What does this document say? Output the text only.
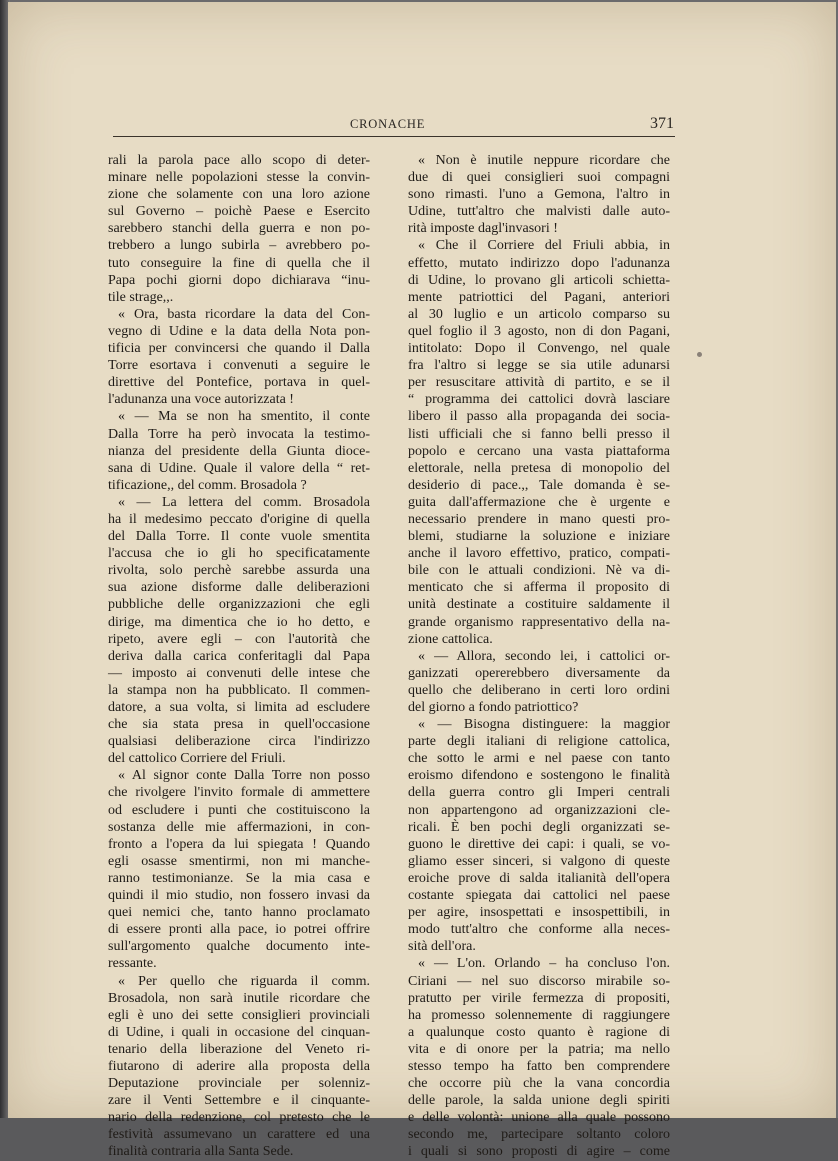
CRONACHE	371
rali la parola pace allo scopo di deter-
minare nelle popolazioni stesse la convin-
zione che solamente con una loro azione
sul Governo – poichè Paese e Esercito
sarebbero stanchi della guerra e non po-
trebbero a lungo subirla – avrebbero po-
tuto conseguire la fine di quella che il
Papa pochi giorni dopo dichiarava “inu-
tile strage,,.
« Ora, basta ricordare la data del Con-
vegno di Udine e la data della Nota pon-
tificia per convincersi che quando il Dalla
Torre esortava i convenuti a seguire le
direttive del Pontefice, portava in quel-
l'adunanza una voce autorizzata !
« — Ma se non ha smentito, il conte
Dalla Torre ha però invocata la testimo-
nianza del presidente della Giunta dioce-
sana di Udine. Quale il valore della “ ret-
tificazione,, del comm. Brosadola ?
« — La lettera del comm. Brosadola
ha il medesimo peccato d'origine di quella
del Dalla Torre. Il conte vuole smentita
l'accusa che io gli ho specificatamente
rivolta, solo perchè sarebbe assurda una
sua azione disforme dalle deliberazioni
pubbliche delle organizzazioni che egli
dirige, ma dimentica che io ho detto, e
ripeto, avere egli – con l'autorità che
deriva dalla carica conferitagli dal Papa
— imposto ai convenuti delle intese che
la stampa non ha pubblicato. Il commen-
datore, a sua volta, si limita ad escludere
che sia stata presa in quell'occasione
qualsiasi deliberazione circa l'indirizzo
del cattolico Corriere del Friuli.
« Al signor conte Dalla Torre non posso
che rivolgere l'invito formale di ammettere
od escludere i punti che costituiscono la
sostanza delle mie affermazioni, in con-
fronto a l'opera da lui spiegata ! Quando
egli osasse smentirmi, non mi manche-
ranno testimonianze. Se la mia casa e
quindi il mio studio, non fossero invasi da
quei nemici che, tanto hanno proclamato
di essere pronti alla pace, io potrei offrire
sull'argomento qualche documento inte-
ressante.
« Per quello che riguarda il comm.
Brosadola, non sarà inutile ricordare che
egli è uno dei sette consiglieri provinciali
di Udine, i quali in occasione del cinquan-
tenario della liberazione del Veneto ri-
fiutarono di aderire alla proposta della
Deputazione provinciale per solenniz-
zare il Venti Settembre e il cinquante-
nario della redenzione, col pretesto che le
festività assumevano un carattere ed una
finalità contraria alla Santa Sede.
« Non è inutile neppure ricordare che
due di quei consiglieri suoi compagni
sono rimasti. l'uno a Gemona, l'altro in
Udine, tutt'altro che malvisti dalle auto-
rità imposte dagl'invasori !
« Che il Corriere del Friuli abbia, in
effetto, mutato indirizzo dopo l'adunanza
di Udine, lo provano gli articoli schietta-
mente patriottici del Pagani, anteriori
al 30 luglio e un articolo comparso su
quel foglio il 3 agosto, non di don Pagani,
intitolato: Dopo il Convengo, nel quale
fra l'altro si legge se sia utile adunarsi
per resuscitare attività di partito, e se il
“ programma dei cattolici dovrà lasciare
libero il passo alla propaganda dei socia-
listi ufficiali che si fanno belli presso il
popolo e cercano una vasta piattaforma
elettorale, nella pretesa di monopolio del
desiderio di pace.,, Tale domanda è se-
guita dall'affermazione che è urgente e
necessario prendere in mano questi pro-
blemi, studiarne la soluzione e iniziare
anche il lavoro effettivo, pratico, compati-
bile con le attuali condizioni. Nè va di-
menticato che si afferma il proposito di
unità destinate a costituire saldamente il
grande organismo rappresentativo della na-
zione cattolica.
« — Allora, secondo lei, i cattolici or-
ganizzati opererebbero diversamente da
quello che deliberano in certi loro ordini
del giorno a fondo patriottico?
« — Bisogna distinguere: la maggior
parte degli italiani di religione cattolica,
che sotto le armi e nel paese con tanto
eroismo difendono e sostengono le finalità
della guerra contro gli Imperi centrali
non appartengono ad organizzazioni cle-
ricali. È ben pochi degli organizzati se-
guono le direttive dei capi: i quali, se vo-
gliamo esser sinceri, si valgono di queste
eroiche prove di salda italianità dell'opera
costante spiegata dai cattolici nel paese
per agire, insospettati e insospettibili, in
modo tutt'altro che conforme alla neces-
sità dell'ora.
« — L'on. Orlando – ha concluso l'on.
Ciriani — nel suo discorso mirabile so-
pratutto per virile fermezza di propositi,
ha promesso solennemente di raggiungere
a qualunque costo quanto è ragione di
vita e di onore per la patria; ma nello
stesso tempo ha fatto ben comprendere
che occorre più che la vana concordia
delle parole, la salda unione degli spiriti
e delle volontà: unione alla quale possono
secondo me, partecipare soltanto coloro
i quali si sono proposti di agire – come
